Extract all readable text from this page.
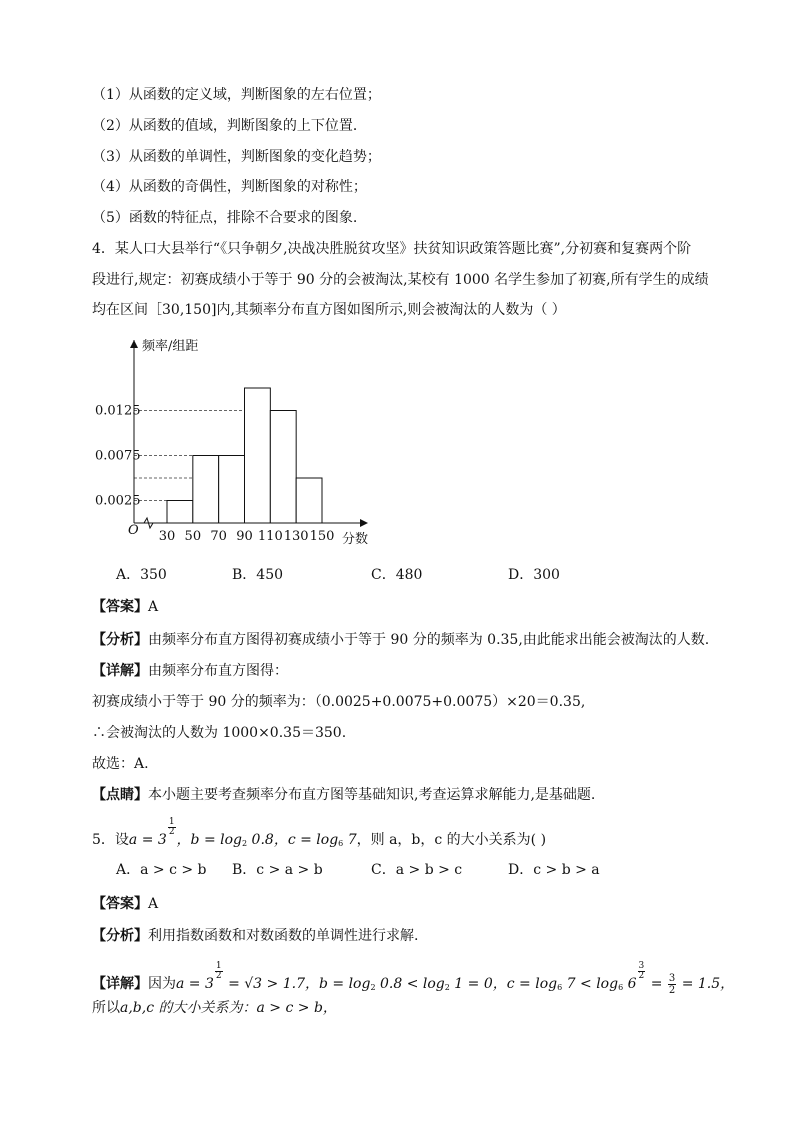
（1）从函数的定义域，判断图象的左右位置；
（2）从函数的值域，判断图象的上下位置．
（3）从函数的单调性，判断图象的变化趋势；
（4）从函数的奇偶性，判断图象的对称性；
（5）函数的特征点，排除不合要求的图象.
4．某人口大县举行“《只争朝夕,决战决胜脱贫攻坚》扶贫知识政策答题比赛”,分初赛和复赛两个阶
段进行,规定：初赛成绩小于等于 90 分的会被淘汰,某校有 1000 名学生参加了初赛,所有学生的成绩
均在区间［30,150]内,其频率分布直方图如图所示,则会被淘汰的人数为（ ）
频率/组距
分数
O 30 50 70 90 110 130 150
0.0025
0.0075
0.0125
A．350	B．450	C．480	D．300
【答案】A
【分析】由频率分布直方图得初赛成绩小于等于 90 分的频率为 0.35,由此能求出能会被淘汰的人数.
【详解】由频率分布直方图得：
初赛成绩小于等于 90 分的频率为：（0.0025+0.0075+0.0075）×20＝0.35,
∴会被淘汰的人数为 1000×0.35＝350.
故选：A.
【点睛】本小题主要考查频率分布直方图等基础知识,考查运算求解能力,是基础题.
5．设a = 3
$\frac{1}{2}$
，$b = \log_2 0.8$，$c = \log_6 7$，则 a，b，c 的大小关系为( )
A．a > c > b B．c > a > b	C．a > b > c	D．c > b > a
【答案】A
【分析】利用指数函数和对数函数的单调性进行求解.
【详解】因为a = 3
$\frac{1}{2}$
= √3 > 1.7，$b = \log_2 0.8 < \log_2 1 = 0$，$c = \log_6 7 < \log_6 6$
$\frac{3}{2}$
= $\frac{3}{2} = 1.5$，
所以a,b,c 的大小关系为：a > c > b，
